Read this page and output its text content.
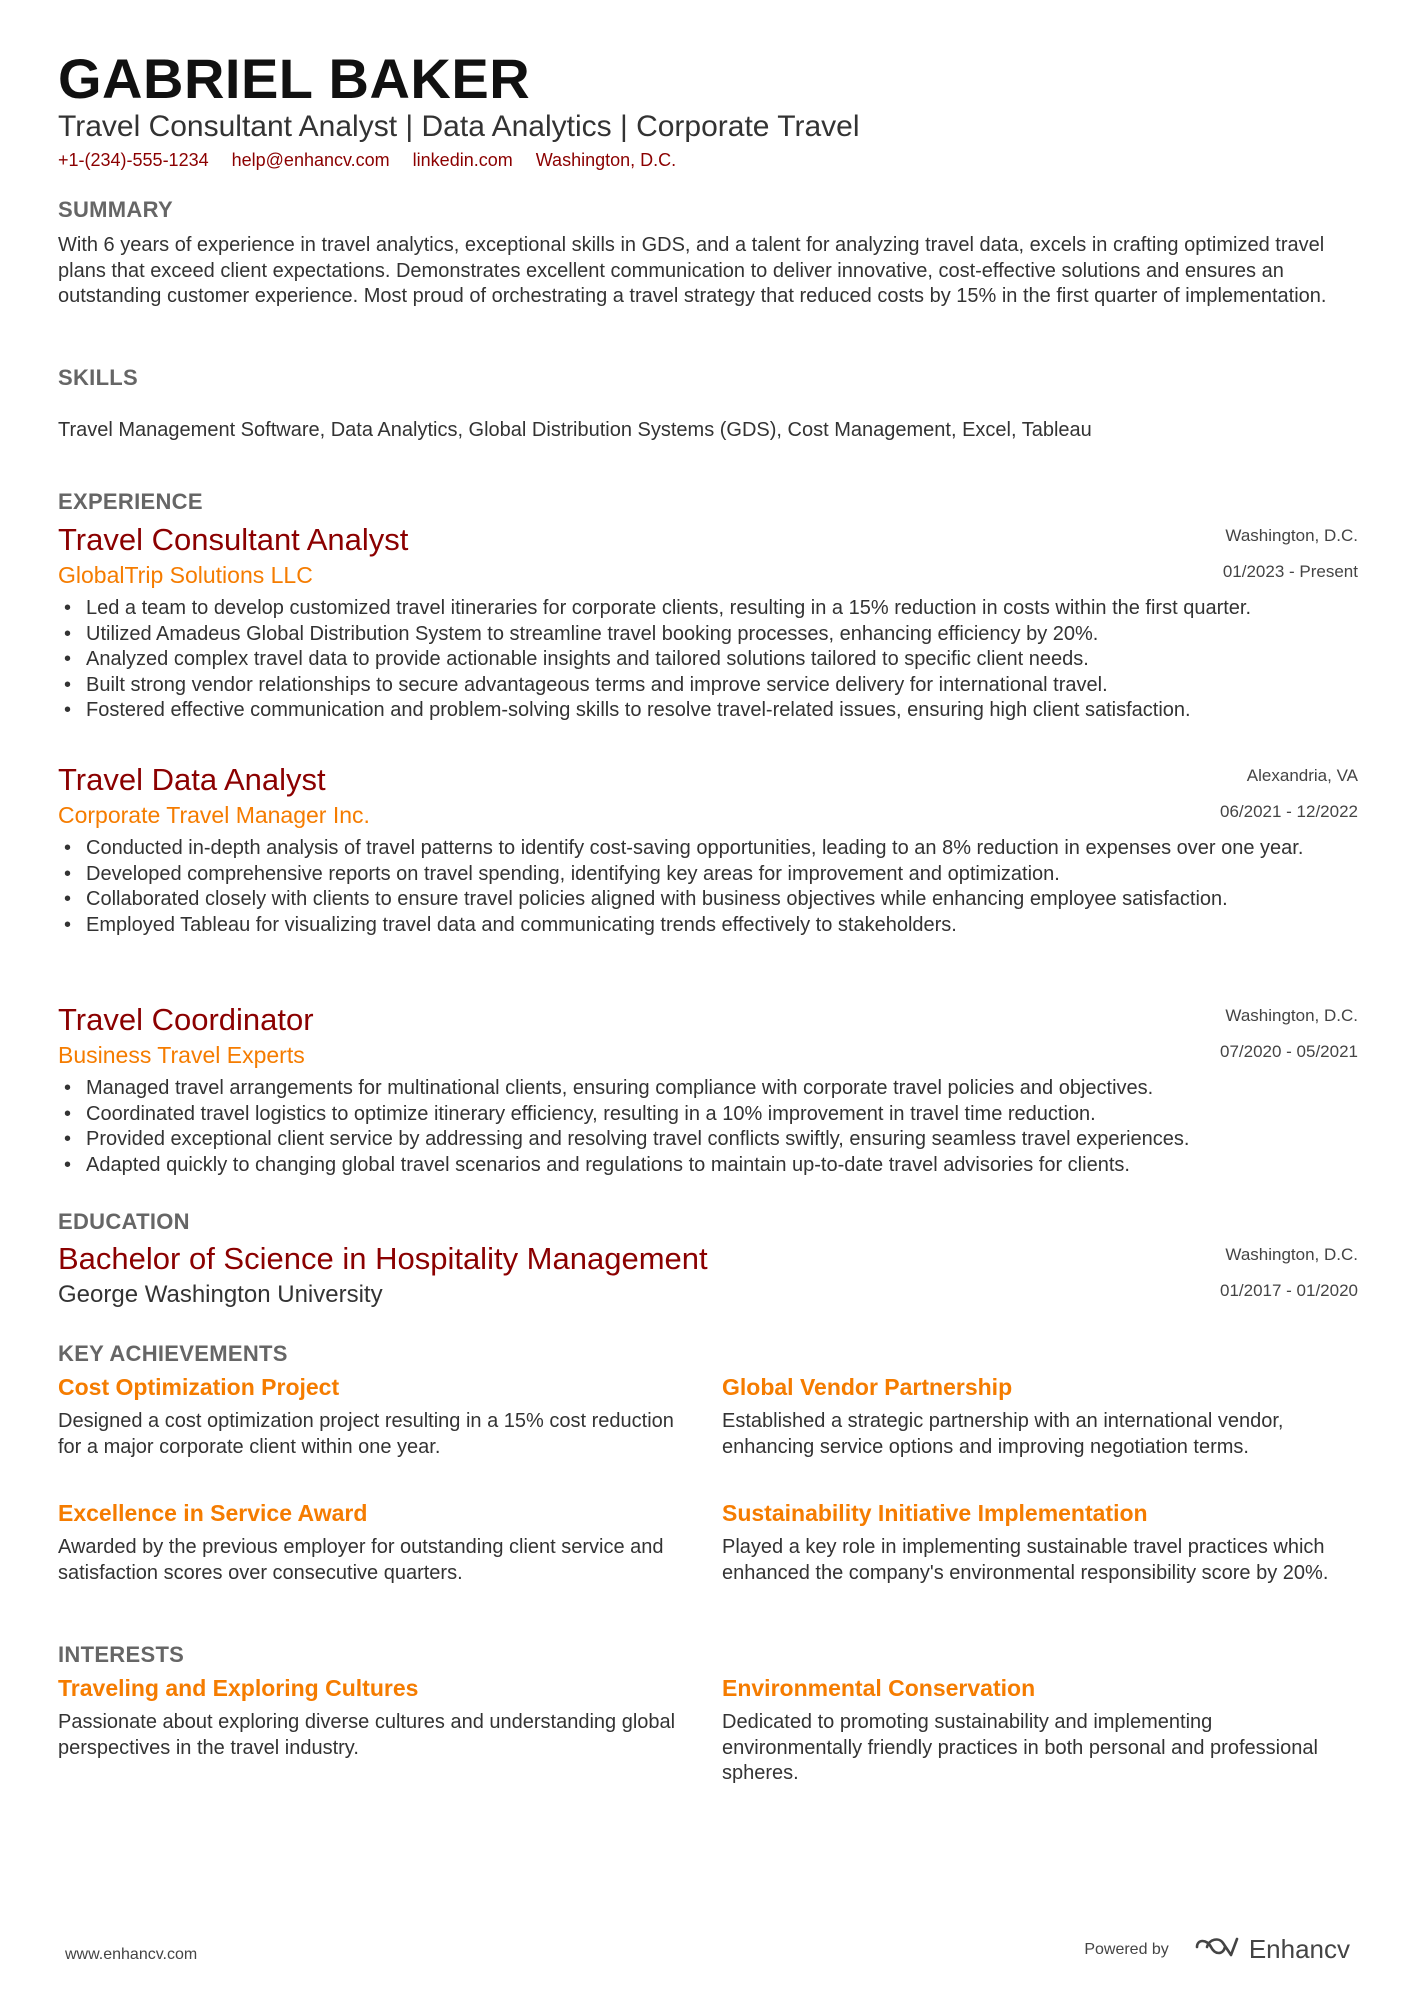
GABRIEL BAKER
Travel Consultant Analyst | Data Analytics | Corporate Travel
+1-(234)-555-1234 help@enhancv.com linkedin.com Washington, D.C.
SUMMARY
With 6 years of experience in travel analytics, exceptional skills in GDS, and a talent for analyzing travel data, excels in crafting optimized travel plans that exceed client expectations. Demonstrates excellent communication to deliver innovative, cost-effective solutions and ensures an outstanding customer experience. Most proud of orchestrating a travel strategy that reduced costs by 15% in the first quarter of implementation.
SKILLS
Travel Management Software, Data Analytics, Global Distribution Systems (GDS), Cost Management, Excel, Tableau
EXPERIENCE
Travel Consultant Analyst
GlobalTrip Solutions LLC
Washington, D.C.
01/2023 - Present
• Led a team to develop customized travel itineraries for corporate clients, resulting in a 15% reduction in costs within the first quarter.
• Utilized Amadeus Global Distribution System to streamline travel booking processes, enhancing efficiency by 20%.
• Analyzed complex travel data to provide actionable insights and tailored solutions tailored to specific client needs.
• Built strong vendor relationships to secure advantageous terms and improve service delivery for international travel.
• Fostered effective communication and problem-solving skills to resolve travel-related issues, ensuring high client satisfaction.
Travel Data Analyst
Corporate Travel Manager Inc.
Alexandria, VA
06/2021 - 12/2022
• Conducted in-depth analysis of travel patterns to identify cost-saving opportunities, leading to an 8% reduction in expenses over one year.
• Developed comprehensive reports on travel spending, identifying key areas for improvement and optimization.
• Collaborated closely with clients to ensure travel policies aligned with business objectives while enhancing employee satisfaction.
• Employed Tableau for visualizing travel data and communicating trends effectively to stakeholders.
Travel Coordinator
Business Travel Experts
Washington, D.C.
07/2020 - 05/2021
• Managed travel arrangements for multinational clients, ensuring compliance with corporate travel policies and objectives.
• Coordinated travel logistics to optimize itinerary efficiency, resulting in a 10% improvement in travel time reduction.
• Provided exceptional client service by addressing and resolving travel conflicts swiftly, ensuring seamless travel experiences.
• Adapted quickly to changing global travel scenarios and regulations to maintain up-to-date travel advisories for clients.
EDUCATION
Bachelor of Science in Hospitality Management
George Washington University
Washington, D.C.
01/2017 - 01/2020
KEY ACHIEVEMENTS
Cost Optimization Project
Designed a cost optimization project resulting in a 15% cost reduction for a major corporate client within one year.
Global Vendor Partnership
Established a strategic partnership with an international vendor, enhancing service options and improving negotiation terms.
Excellence in Service Award
Awarded by the previous employer for outstanding client service and satisfaction scores over consecutive quarters.
Sustainability Initiative Implementation
Played a key role in implementing sustainable travel practices which enhanced the company's environmental responsibility score by 20%.
INTERESTS
Traveling and Exploring Cultures
Passionate about exploring diverse cultures and understanding global perspectives in the travel industry.
Environmental Conservation
Dedicated to promoting sustainability and implementing environmentally friendly practices in both personal and professional spheres.
www.enhancv.com	Powered by	Enhancv
